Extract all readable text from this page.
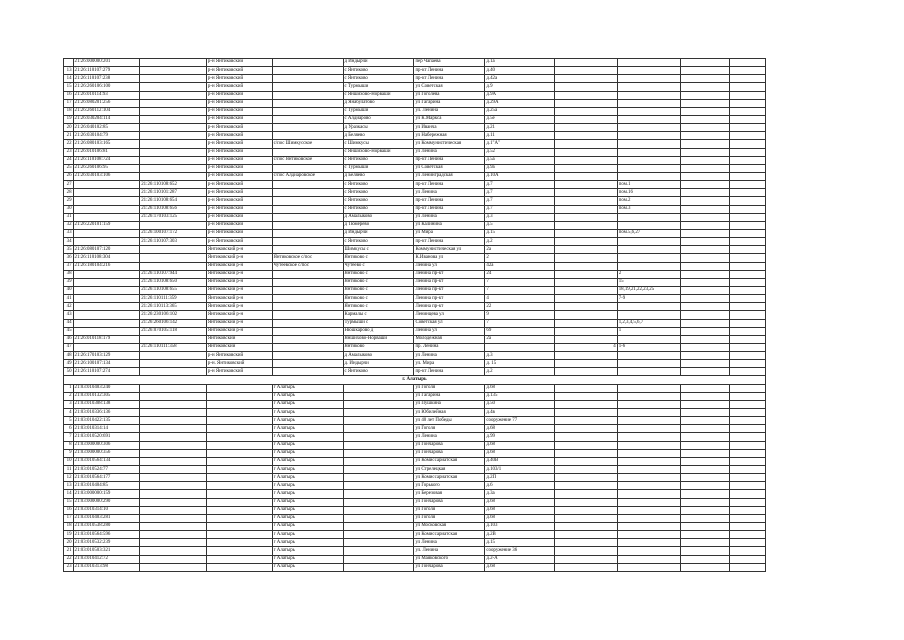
	21:26:000000:201		р-н Янтиковский		д Индырчи	пер Чапаева	д.1а				
13	21:26:110107:279		р-н Янтиковский		с Янтиково	пр-кт Ленина	д.40				
14	21:26:110107:238		р-н Янтиковский		с Янтиково	пр-кт Ленина	д.42а				
15	21:26:260106:100		р-н Янтиковский		с Турмыши	ул Советская	д.9				
16	21:26:010114:93		р-н Янтиковский		с Яншихово-Норваши	ул Гоголева	д.9А				
17	21:26:080201:256		р-н Янтиковский		д Янабулатово	ул Гагарина	д.29А				
18	21:26:260112:104		р-н Янтиковский		с Турмыши	ул. Ленина	д.25а				
19	21:26:030204:114		р-н Янтиковский		с Алдиарово	ул К.Маркса	д.5е				
20	21:26:040102:85		р-н Янтиковский		д Уразкасы	ул Иванча	д.21				
21	21:26:030104:79		р-н Янтиковский		д Беляево	ул Набережная	д.11				
22	21:26:080103:165		р-н Янтиковский	с/пос Шимкусское	с Шимкусы	ул Коммунистическая	д.1"А"				
23	21:26:010106:81		р-н Янтиковский		с Яншихово-Норваши	ул Ленина	д.52				
24	21:26:110108:724		р-н Янтиковский	с/пос Янтиковское	с Янтиково	пр-кт Ленина	д.5а				
25	21:26:260106:95		р-н Янтиковский		с Турмыши	ул Советская	д.9а				
26	21:26:030103:106		р-н Янтиковский	с/пос Алдиаровское	д Беляево	ул Ленинградская	д.10А				
27		21:26:110108:652	р-н Янтиковский		с Янтиково	пр-кт Ленина	д.7		пом.1		
28		21:26:110101:287	р-н Янтиковский		с Янтиково	ул Ленина	д.7		пом.16		
29		21:26:110108:654	р-н Янтиковский		с Янтиково	пр-кт Ленина	д.7		пом.2		
30		21:26:110108:656	р-н Янтиковский		с Янтиково	пр-кт Ленина	д.7		пом.3		
31		21:26:170103:125	р-н Янтиковский		д Амалыково	ул Ленина	д.3				
32	21:26:220101:159		р-н Янтиковский		д Тюмерево	ул Калинина	д.5				
33		21:26:100107:172	р-н Янтиковский		д Индырчи	ул Мира	д.15		пом.5,6,27		
34		21:26:110107:303	р-н Янтиковский		с Янтиково	пр-кт Ленина	д.2				
35	21:26:080107:120		Янтиковский р-н		Шимкусы с	Коммунистическая ул	2а				
36	21:26:110108:304		Янтиковский р-н	Янтиковское с/пос	Янтиково с	К.Иванова ул	2				
37	21:26:180104:216		Янтиковский р-н	Чутеевское с/пос	Чутеево с	Ленина ул	42а				
38		21:26:110107:944	Янтиковский р-н		Янтиково с	Ленина пр-кт	24		2		
39		21:26:110108:650	Янтиковский р-н		Янтиково с	Ленина пр-кт	7		15		
40		21:26:110108:655	Янтиковский р-н		Янтиково с	Ленина пр-кт	7		18,19,21,22,23,25		
41		21:26:110111:359	Янтиковский р-н		Янтиково с	Ленина пр-кт	4		7-9		
42		21:26:110113:365	Янтиковский р-н		Янтиково с	Ленина пр-кт	22				
43		21:26:230106:102	Янтиковский р-н		Кармалы с	Ленинцева ул	9				
44		21:26:260106:142	Янтиковский р-н		Турмыши с	Советская ул	7		1,2,3,4,5,6,7		
45		21:26:070105:118	Янтиковский р-н		Нюшкарово д	Ленина ул	69		1		
46	21:26:010118:179		Янтиковский		Яншихово-Норваши	Молодежная	2а				
47		21:26:110111:358	Янтиковский		Янтиково	пр. Ленина		4	1-6		
48	21:26:170103:129		р-н Янтиковский		д Амалыково	ул Ленина	д.3				
49	21:26:100107:134		р-н. Янтиковский		д. Индырчи	ул. Мира	д. 15				
50	21:26:110107:274		р-н Янтиковский		с Янтиково	пр-кт Ленина	д.2				
г. Алатырь											
1	21:03:010403:240			г Алатырь		ул Гоголя	д.68				
2	21:03:010132:305			г Алатырь		ул Гагарина	д.135				
3	21:03:010308:138			г Алатырь		ул Пушкина	д.50				
4	21:03:010336:136			г Алатырь		ул Юбилейная	д.4в				
5	21:03:010422:135			г Алатырь		ул 40 лет Победы	сооружение 77				
6	21:03:010314:14			г Алатырь		ул Гоголя	д.68				
7	21:03:010520:691			г Алатырь		ул Ленина	д.99				
8	21:03:000000:306			г Алатырь		ул Гончарова	д.68				
9	21:03:000000:356			г Алатырь		ул Гончарова	д.68				
10	21:03:010564:134			г Алатырь		ул Комиссариатская	д.40В				
11	21:03:010524:77			г Алатырь		ул Стрелецкая	д.103/1				
12	21:03:010564:177			г Алатырь		ул Комиссариатская	д.2П				
13	21:03:010404:85			г Алатырь		ул Горького	д.6				
14	21:03:000000:159			г Алатырь		ул Березовая	д.3а				
15	21:03:000000:290			г Алатырь		ул Гончарова	д.68				
16	21:03:010314:10			г Алатырь		ул Гоголя	д.68				
17	21:03:010403:281			г Алатырь		ул Гоголя	д.68				
18	21:03:010538:280			г Алатырь		ул Московская	д.103				
19	21:03:010564:596			г Алатырь		ул Комиссариатская	д.2В				
20	21:03:010532:239			г Алатырь		ул Ленина	д.15				
21	21:03:010503:321			г Алатырь		ул. Ленина	сооружение 36				
22	21:03:010412:72			г Алатырь		ул Маяковского	д.2-А				
23	21:03:010313:98			г Алатырь		ул Гончарова	д.68				
